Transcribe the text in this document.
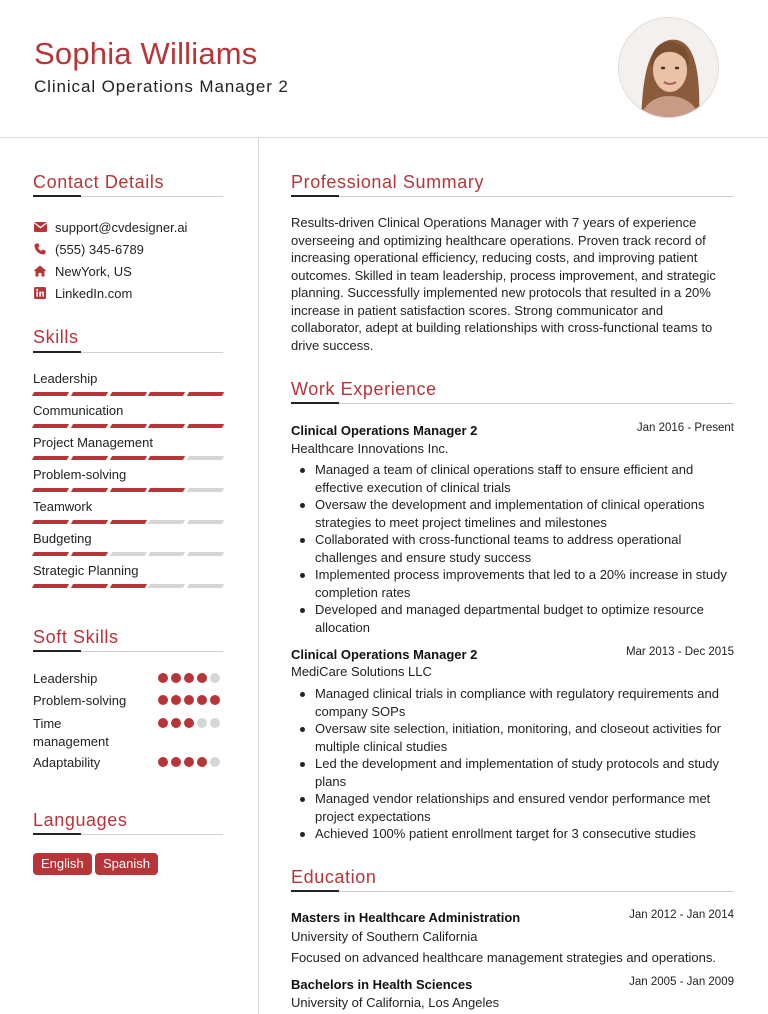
Sophia Williams
Clinical Operations Manager 2
Contact Details
support@cvdesigner.ai
(555) 345-6789
NewYork, US
LinkedIn.com
Skills
Leadership
Communication
Project Management
Problem-solving
Teamwork
Budgeting
Strategic Planning
Soft Skills
Leadership
Problem-solving
Time management
Adaptability
Languages
English	Spanish
Professional Summary
Results-driven Clinical Operations Manager with 7 years of experience overseeing and optimizing healthcare operations. Proven track record of increasing operational efficiency, reducing costs, and improving patient outcomes. Skilled in team leadership, process improvement, and strategic planning. Successfully implemented new protocols that resulted in a 20% increase in patient satisfaction scores. Strong communicator and collaborator, adept at building relationships with cross-functional teams to drive success.
Work Experience
Clinical Operations Manager 2	Jan 2016 - Present
Healthcare Innovations Inc.
Managed a team of clinical operations staff to ensure efficient and effective execution of clinical trials
Oversaw the development and implementation of clinical operations strategies to meet project timelines and milestones
Collaborated with cross-functional teams to address operational challenges and ensure study success
Implemented process improvements that led to a 20% increase in study completion rates
Developed and managed departmental budget to optimize resource allocation
Clinical Operations Manager 2	Mar 2013 - Dec 2015
MediCare Solutions LLC
Managed clinical trials in compliance with regulatory requirements and company SOPs
Oversaw site selection, initiation, monitoring, and closeout activities for multiple clinical studies
Led the development and implementation of study protocols and study plans
Managed vendor relationships and ensured vendor performance met project expectations
Achieved 100% patient enrollment target for 3 consecutive studies
Education
Masters in Healthcare Administration	Jan 2012 - Jan 2014
University of Southern California
Focused on advanced healthcare management strategies and operations.
Bachelors in Health Sciences	Jan 2005 - Jan 2009
University of California, Los Angeles
